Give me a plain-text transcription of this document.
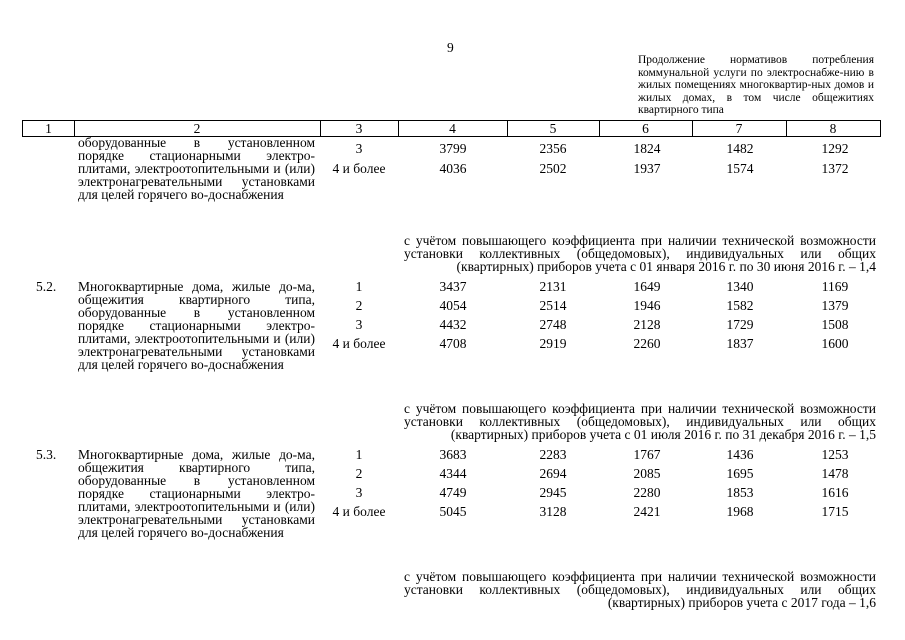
9
Продолжение нормативов потребления коммунальной услуги по электроснабже-нию в жилых помещениях многоквартир-ных домов и жилых домах, в том числе общежитиях квартирного типа
1	2	3	4	5	6	7	8
оборудованные в установленном порядке стационарными электро-плитами, электроотопительными и (или) электронагревательными установками для целей горячего во-доснабжения
3	3799	2356	1824	1482	1292
4 и более	4036	2502	1937	1574	1372
с учётом повышающего коэффициента при наличии технической возможности установки коллективных (общедомовых), индивидуальных или общих (квартирных) приборов учета с 01 января 2016 г. по 30 июня 2016 г. – 1,4
5.2. Многоквартирные дома, жилые до-ма, общежития квартирного типа, оборудованные в установленном порядке стационарными электро-плитами, электроотопительными и (или) электронагревательными установками для целей горячего во-доснабжения
1	3437	2131	1649	1340	1169
2	4054	2514	1946	1582	1379
3	4432	2748	2128	1729	1508
4 и более	4708	2919	2260	1837	1600
с учётом повышающего коэффициента при наличии технической возможности установки коллективных (общедомовых), индивидуальных или общих (квартирных) приборов учета с 01 июля 2016 г. по 31 декабря 2016 г. – 1,5
5.3. Многоквартирные дома, жилые до-ма, общежития квартирного типа, оборудованные в установленном порядке стационарными электро-плитами, электроотопительными и (или) электронагревательными установками для целей горячего во-доснабжения
1	3683	2283	1767	1436	1253
2	4344	2694	2085	1695	1478
3	4749	2945	2280	1853	1616
4 и более	5045	3128	2421	1968	1715
с учётом повышающего коэффициента при наличии технической возможности установки коллективных (общедомовых), индивидуальных или общих (квартирных) приборов учета с 2017 года – 1,6
